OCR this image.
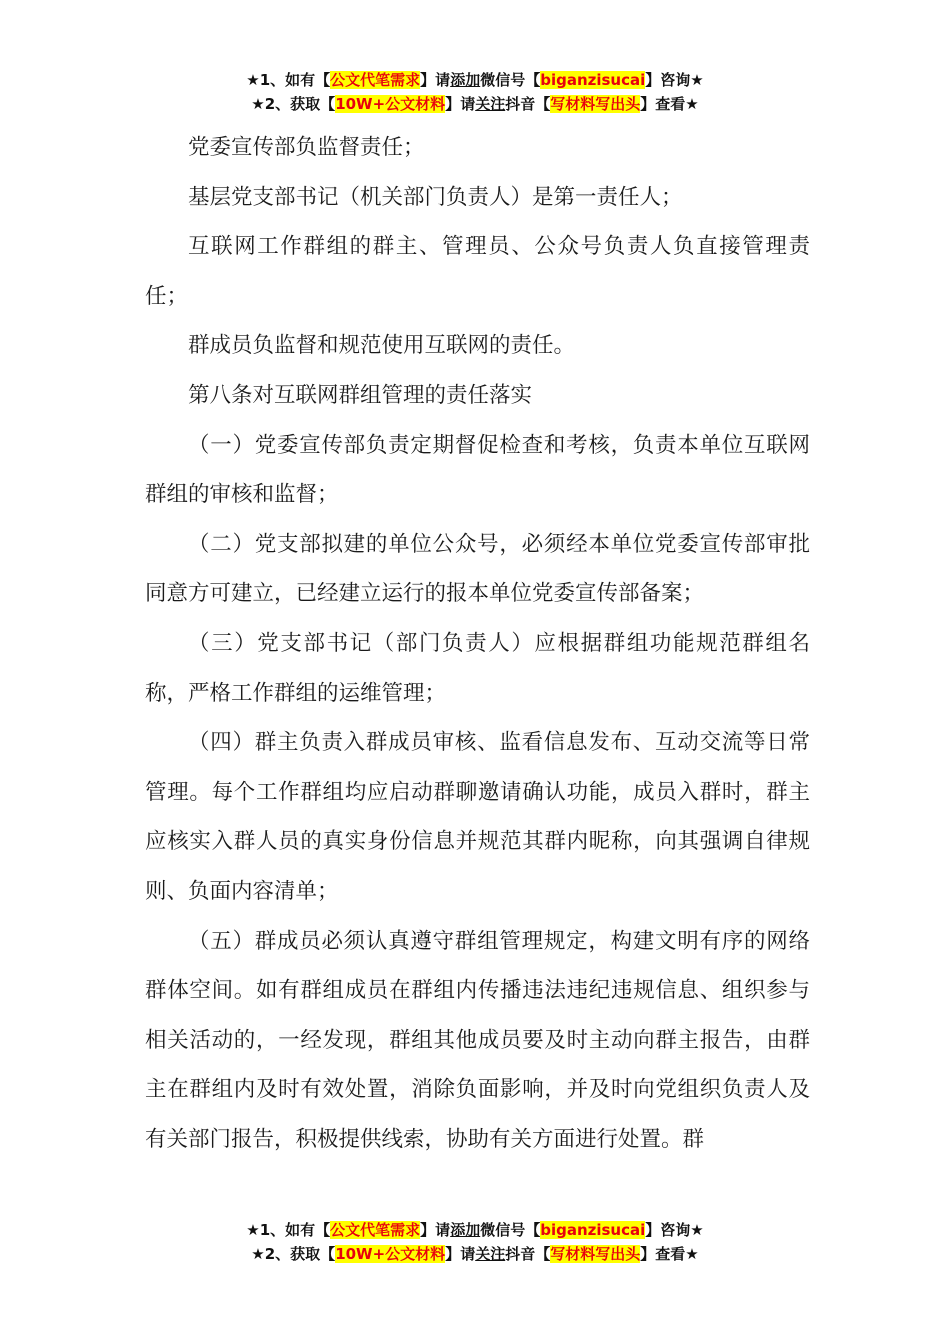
★1、如有【公文代笔需求】请添加微信号【biganzisucai】咨询★
★2、获取【10W+公文材料】请关注抖音【写材料写出头】查看★

党委宣传部负监督责任；

基层党支部书记（机关部门负责人）是第一责任人；

互联网工作群组的群主、管理员、公众号负责人负直接管理责任；

群成员负监督和规范使用互联网的责任。

第八条对互联网群组管理的责任落实

（一）党委宣传部负责定期督促检查和考核，负责本单位互联网群组的审核和监督；

（二）党支部拟建的单位公众号，必须经本单位党委宣传部审批同意方可建立，已经建立运行的报本单位党委宣传部备案；

（三）党支部书记（部门负责人）应根据群组功能规范群组名称，严格工作群组的运维管理；

（四）群主负责入群成员审核、监看信息发布、互动交流等日常管理。每个工作群组均应启动群聊邀请确认功能，成员入群时，群主应核实入群人员的真实身份信息并规范其群内昵称，向其强调自律规则、负面内容清单；

（五）群成员必须认真遵守群组管理规定，构建文明有序的网络群体空间。如有群组成员在群组内传播违法违纪违规信息、组织参与相关活动的，一经发现，群组其他成员要及时主动向群主报告，由群主在群组内及时有效处置，消除负面影响，并及时向党组织负责人及有关部门报告，积极提供线索，协助有关方面进行处置。群

★1、如有【公文代笔需求】请添加微信号【biganzisucai】咨询★
★2、获取【10W+公文材料】请关注抖音【写材料写出头】查看★
